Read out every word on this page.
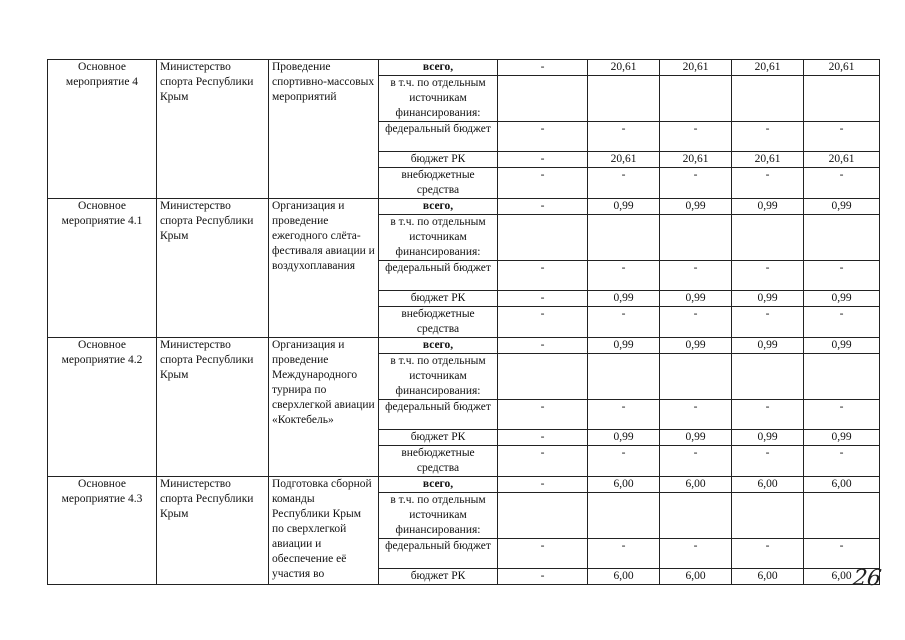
Основное мероприятие 4	Министерство спорта Республики Крым	Проведение спортивно-массовых мероприятий	всего,	-	20,61	20,61	20,61	20,61
			в т.ч. по отдельным источникам финансирования:					
			федеральный бюджет	-	-	-	-	-
			бюджет РК	-	20,61	20,61	20,61	20,61
			внебюджетные средства	-	-	-	-	-
Основное мероприятие 4.1	Министерство спорта Республики Крым	Организация и проведение ежегодного слёта-фестиваля авиации и воздухоплавания	всего,	-	0,99	0,99	0,99	0,99
			в т.ч. по отдельным источникам финансирования:					
			федеральный бюджет	-	-	-	-	-
			бюджет РК	-	0,99	0,99	0,99	0,99
			внебюджетные средства	-	-	-	-	-
Основное мероприятие 4.2	Министерство спорта Республики Крым	Организация и проведение Международного турнира по сверхлегкой авиации «Коктебель»	всего,	-	0,99	0,99	0,99	0,99
			в т.ч. по отдельным источникам финансирования:					
			федеральный бюджет	-	-	-	-	-
			бюджет РК	-	0,99	0,99	0,99	0,99
			внебюджетные средства	-	-	-	-	-
Основное мероприятие 4.3	Министерство спорта Республики Крым	Подготовка сборной команды Республики Крым по сверхлегкой авиации и обеспечение её участия во	всего,	-	6,00	6,00	6,00	6,00
			в т.ч. по отдельным источникам финансирования:					
			федеральный бюджет	-	-	-	-	-
			бюджет РК	-	6,00	6,00	6,00	6,00 26
